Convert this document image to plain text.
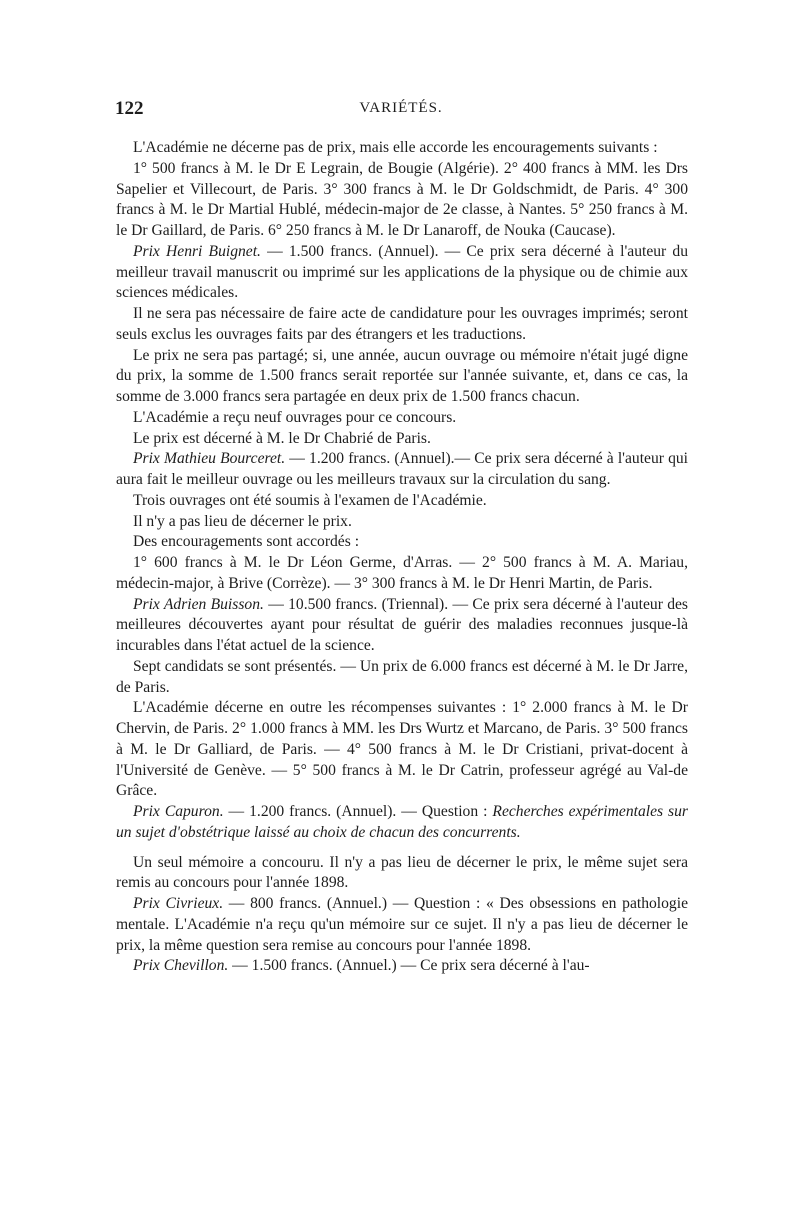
122	VARIÉTÉS.

L'Académie ne décerne pas de prix, mais elle accorde les encouragements suivants :

1° 500 francs à M. le Dr E Legrain, de Bougie (Algérie). 2° 400 francs à MM. les Drs Sapelier et Villecourt, de Paris. 3° 300 francs à M. le Dr Goldschmidt, de Paris. 4° 300 francs à M. le Dr Martial Hublé, médecin-major de 2e classe, à Nantes. 5° 250 francs à M. le Dr Gaillard, de Paris. 6° 250 francs à M. le Dr Lanaroff, de Nouka (Caucase).

Prix Henri Buignet. — 1.500 francs. (Annuel). — Ce prix sera décerné à l'auteur du meilleur travail manuscrit ou imprimé sur les applications de la physique ou de chimie aux sciences médicales.

Il ne sera pas nécessaire de faire acte de candidature pour les ouvrages imprimés; seront seuls exclus les ouvrages faits par des étrangers et les traductions.

Le prix ne sera pas partagé; si, une année, aucun ouvrage ou mémoire n'était jugé digne du prix, la somme de 1.500 francs serait reportée sur l'année suivante, et, dans ce cas, la somme de 3.000 francs sera partagée en deux prix de 1.500 francs chacun.

L'Académie a reçu neuf ouvrages pour ce concours.

Le prix est décerné à M. le Dr Chabrié de Paris.

Prix Mathieu Bourceret. — 1.200 francs. (Annuel).— Ce prix sera décerné à l'auteur qui aura fait le meilleur ouvrage ou les meilleurs travaux sur la circulation du sang.

Trois ouvrages ont été soumis à l'examen de l'Académie.

Il n'y a pas lieu de décerner le prix.

Des encouragements sont accordés :

1° 600 francs à M. le Dr Léon Germe, d'Arras. — 2° 500 francs à M. A. Mariau, médecin-major, à Brive (Corrèze). — 3° 300 francs à M. le Dr Henri Martin, de Paris.

Prix Adrien Buisson. — 10.500 francs. (Triennal). — Ce prix sera décerné à l'auteur des meilleures découvertes ayant pour résultat de guérir des maladies reconnues jusque-là incurables dans l'état actuel de la science.

Sept candidats se sont présentés. — Un prix de 6.000 francs est décerné à M. le Dr Jarre, de Paris.

L'Académie décerne en outre les récompenses suivantes : 1° 2.000 francs à M. le Dr Chervin, de Paris. 2° 1.000 francs à MM. les Drs Wurtz et Marcano, de Paris. 3° 500 francs à M. le Dr Galliard, de Paris. — 4° 500 francs à M. le Dr Cristiani, privat-docent à l'Université de Genève. — 5° 500 francs à M. le Dr Catrin, professeur agrégé au Val-de Grâce.

Prix Capuron. — 1.200 francs. (Annuel). — Question : Recherches expérimentales sur un sujet d'obstétrique laissé au choix de chacun des concurrents.

Un seul mémoire a concouru. Il n'y a pas lieu de décerner le prix, le même sujet sera remis au concours pour l'année 1898.

Prix Civrieux. — 800 francs. (Annuel.) — Question : « Des obsessions en pathologie mentale. L'Académie n'a reçu qu'un mémoire sur ce sujet. Il n'y a pas lieu de décerner le prix, la même question sera remise au concours pour l'année 1898.

Prix Chevillon. — 1.500 francs. (Annuel.) — Ce prix sera décerné à l'au-
